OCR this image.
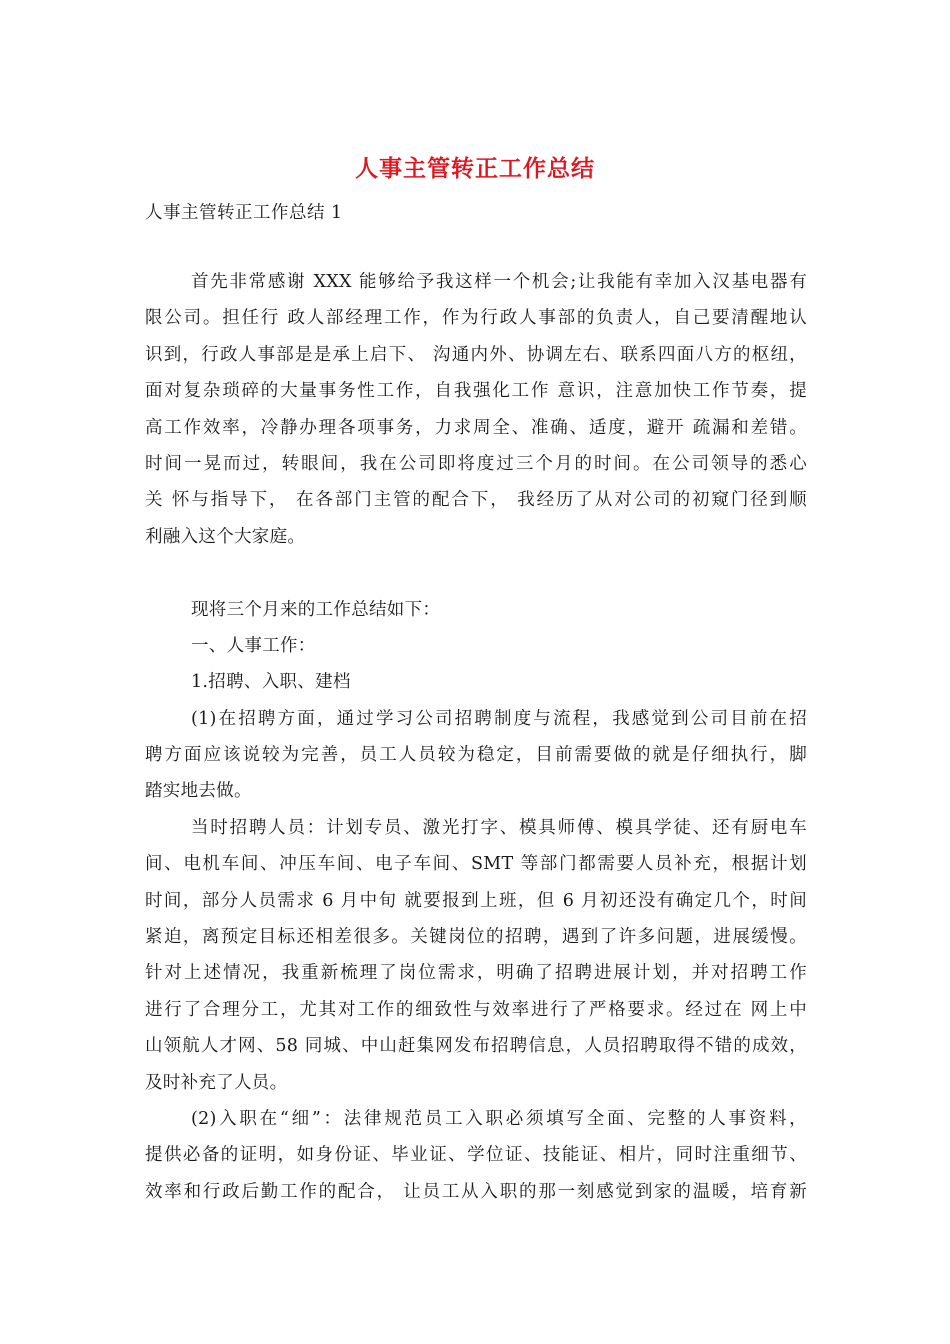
人事主管转正工作总结
人事主管转正工作总结 1
首先非常感谢 XXX 能够给予我这样一个机会;让我能有幸加入汉基电器有
限公司。担任行 政人部经理工作，作为行政人事部的负责人，自己要清醒地认
识到，行政人事部是是承上启下、 沟通内外、协调左右、联系四面八方的枢纽，
面对复杂琐碎的大量事务性工作，自我强化工作 意识，注意加快工作节奏，提
高工作效率，冷静办理各项事务，力求周全、准确、适度，避开 疏漏和差错。
时间一晃而过，转眼间，我在公司即将度过三个月的时间。在公司领导的悉心
关 怀与指导下， 在各部门主管的配合下， 我经历了从对公司的初窥门径到顺
利融入这个大家庭。
现将三个月来的工作总结如下：
一、人事工作：
1.招聘、入职、建档
(1)在招聘方面，通过学习公司招聘制度与流程，我感觉到公司目前在招
聘方面应该说较为完善，员工人员较为稳定，目前需要做的就是仔细执行，脚
踏实地去做。
当时招聘人员：计划专员、激光打字、模具师傅、模具学徒、还有厨电车
间、电机车间、冲压车间、电子车间、SMT 等部门都需要人员补充，根据计划
时间，部分人员需求 6 月中旬 就要报到上班，但 6 月初还没有确定几个，时间
紧迫，离预定目标还相差很多。关键岗位的招聘，遇到了许多问题，进展缓慢。
针对上述情况，我重新梳理了岗位需求，明确了招聘进展计划，并对招聘工作
进行了合理分工，尤其对工作的细致性与效率进行了严格要求。经过在 网上中
山领航人才网、58 同城、中山赶集网发布招聘信息，人员招聘取得不错的成效，
及时补充了人员。
(2)入职在“细”：法律规范员工入职必须填写全面、完整的人事资料，
提供必备的证明，如身份证、毕业证、学位证、技能证、相片，同时注重细节、
效率和行政后勤工作的配合， 让员工从入职的那一刻感觉到家的温暖，培育新
